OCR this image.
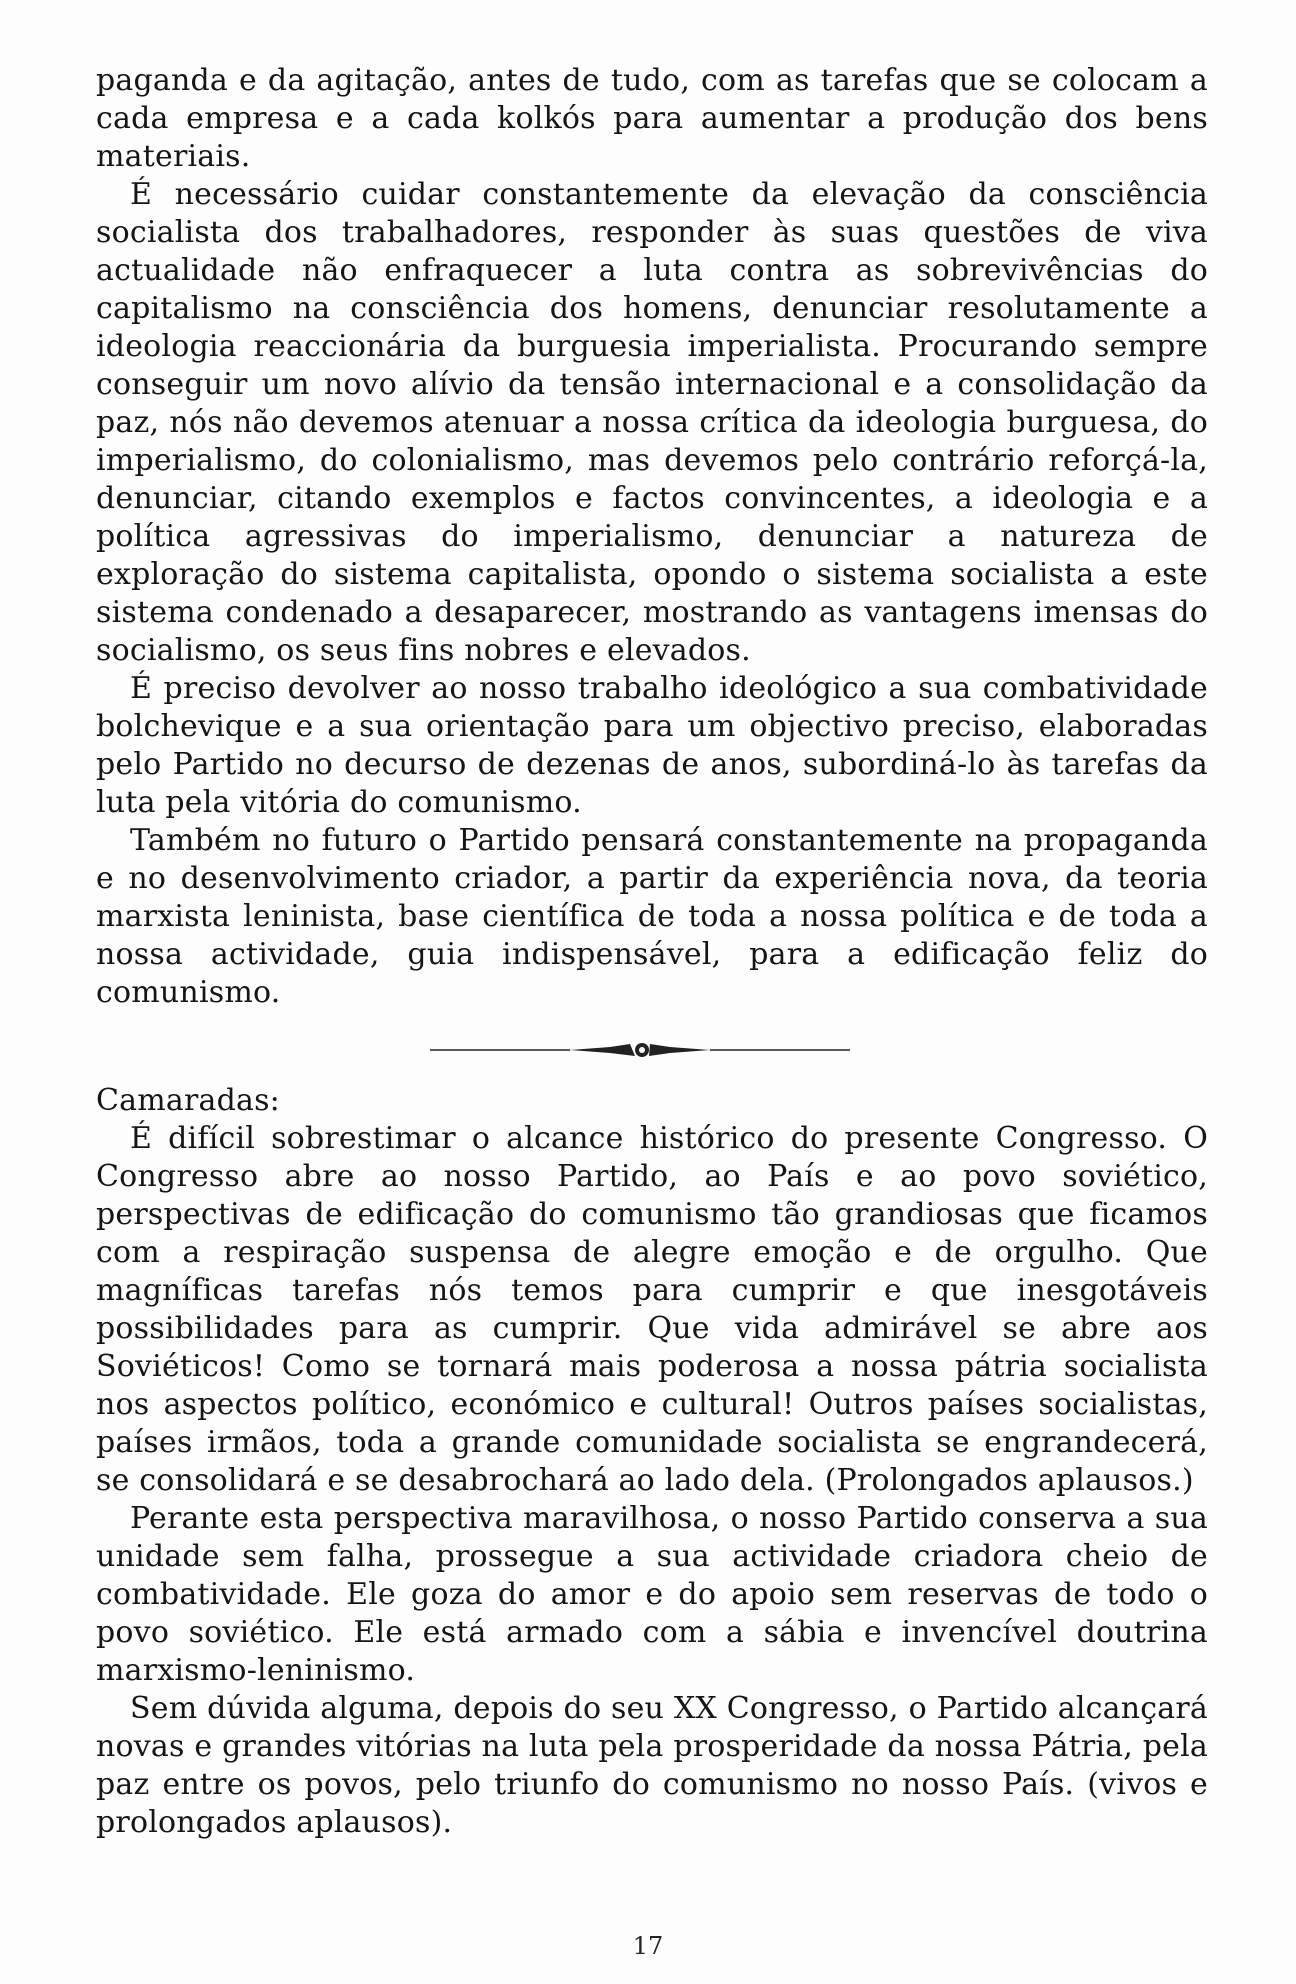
paganda e da agitação, antes de tudo, com as tarefas que se colocam a cada empresa e a cada kolkós para aumentar a produção dos bens materiais.

É necessário cuidar constantemente da elevação da consciência socialista dos trabalhadores, responder às suas questões de viva actualidade não enfraquecer a luta contra as sobrevivências do capitalismo na consciência dos homens, denunciar resolutamente a ideologia reaccionária da burguesia imperialista. Procurando sempre conseguir um novo alívio da tensão internacional e a consolidação da paz, nós não devemos atenuar a nossa crítica da ideologia burguesa, do imperialismo, do colonialismo, mas devemos pelo contrário reforçá-la, denunciar, citando exemplos e factos convincentes, a ideologia e a política agressivas do imperialismo, denunciar a natureza de exploração do sistema capitalista, opondo o sistema socialista a este sistema condenado a desaparecer, mostrando as vantagens imensas do socialismo, os seus fins nobres e elevados.

É preciso devolver ao nosso trabalho ideológico a sua combatividade bolchevique e a sua orientação para um objectivo preciso, elaboradas pelo Partido no decurso de dezenas de anos, subordiná-lo às tarefas da luta pela vitória do comunismo.

Também no futuro o Partido pensará constantemente na propaganda e no desenvolvimento criador, a partir da experiência nova, da teoria marxista leninista, base científica de toda a nossa política e de toda a nossa actividade, guia indispensável, para a edificação feliz do comunismo.

Camaradas:

É difícil sobrestimar o alcance histórico do presente Congresso. O Congresso abre ao nosso Partido, ao País e ao povo soviético, perspectivas de edificação do comunismo tão grandiosas que ficamos com a respiração suspensa de alegre emoção e de orgulho. Que magníficas tarefas nós temos para cumprir e que inesgotáveis possibilidades para as cumprir. Que vida admirável se abre aos Soviéticos! Como se tornará mais poderosa a nossa pátria socialista nos aspectos político, económico e cultural! Outros países socialistas, países irmãos, toda a grande comunidade socialista se engrandecerá, se consolidará e se desabrochará ao lado dela. (Prolongados aplausos.)

Perante esta perspectiva maravilhosa, o nosso Partido conserva a sua unidade sem falha, prossegue a sua actividade criadora cheio de combatividade. Ele goza do amor e do apoio sem reservas de todo o povo soviético. Ele está armado com a sábia e invencível doutrina marxismo-leninismo.

Sem dúvida alguma, depois do seu XX Congresso, o Partido alcançará novas e grandes vitórias na luta pela prosperidade da nossa Pátria, pela paz entre os povos, pelo triunfo do comunismo no nosso País. (vivos e prolongados aplausos).

17
